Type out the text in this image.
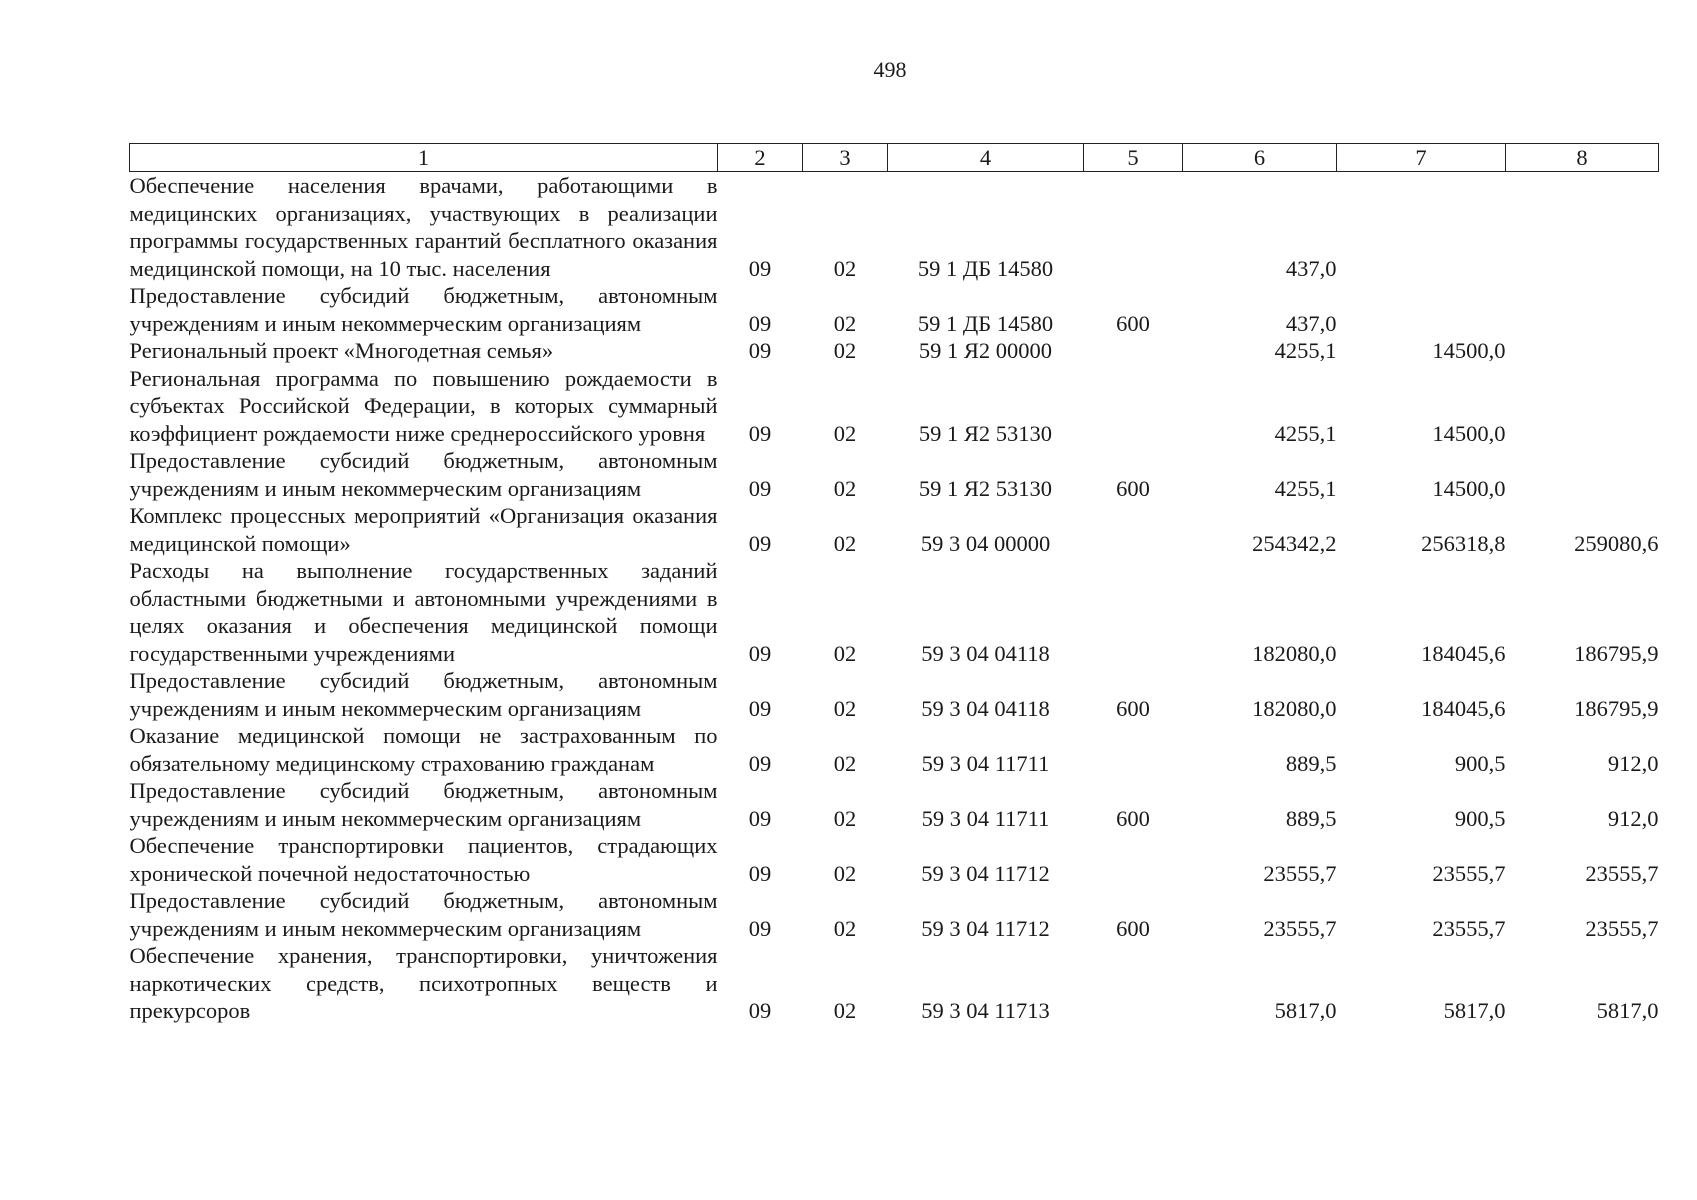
498
1	2	3	4	5	6	7	8
Обеспечение населения врачами, работающими в медицинских организациях, участвующих в реализации программы государственных гарантий бесплатного оказания медицинской помощи, на 10 тыс. населения	09	02	59 1 ДБ 14580		437,0		
Предоставление субсидий бюджетным, автономным учреждениям и иным некоммерческим организациям	09	02	59 1 ДБ 14580	600	437,0		
Региональный проект «Многодетная семья»	09	02	59 1 Я2 00000		4255,1	14500,0	
Региональная программа по повышению рождаемости в субъектах Российской Федерации, в которых суммарный коэффициент рождаемости ниже среднероссийского уровня	09	02	59 1 Я2 53130		4255,1	14500,0	
Предоставление субсидий бюджетным, автономным учреждениям и иным некоммерческим организациям	09	02	59 1 Я2 53130	600	4255,1	14500,0	
Комплекс процессных мероприятий «Организация оказания медицинской помощи»	09	02	59 3 04 00000		254342,2	256318,8	259080,6
Расходы на выполнение государственных заданий областными бюджетными и автономными учреждениями в целях оказания и обеспечения медицинской помощи государственными учреждениями	09	02	59 3 04 04118		182080,0	184045,6	186795,9
Предоставление субсидий бюджетным, автономным учреждениям и иным некоммерческим организациям	09	02	59 3 04 04118	600	182080,0	184045,6	186795,9
Оказание медицинской помощи не застрахованным по обязательному медицинскому страхованию гражданам	09	02	59 3 04 11711		889,5	900,5	912,0
Предоставление субсидий бюджетным, автономным учреждениям и иным некоммерческим организациям	09	02	59 3 04 11711	600	889,5	900,5	912,0
Обеспечение транспортировки пациентов, страдающих хронической почечной недостаточностью	09	02	59 3 04 11712		23555,7	23555,7	23555,7
Предоставление субсидий бюджетным, автономным учреждениям и иным некоммерческим организациям	09	02	59 3 04 11712	600	23555,7	23555,7	23555,7
Обеспечение хранения, транспортировки, уничтожения наркотических средств, психотропных веществ и прекурсоров	09	02	59 3 04 11713		5817,0	5817,0	5817,0
